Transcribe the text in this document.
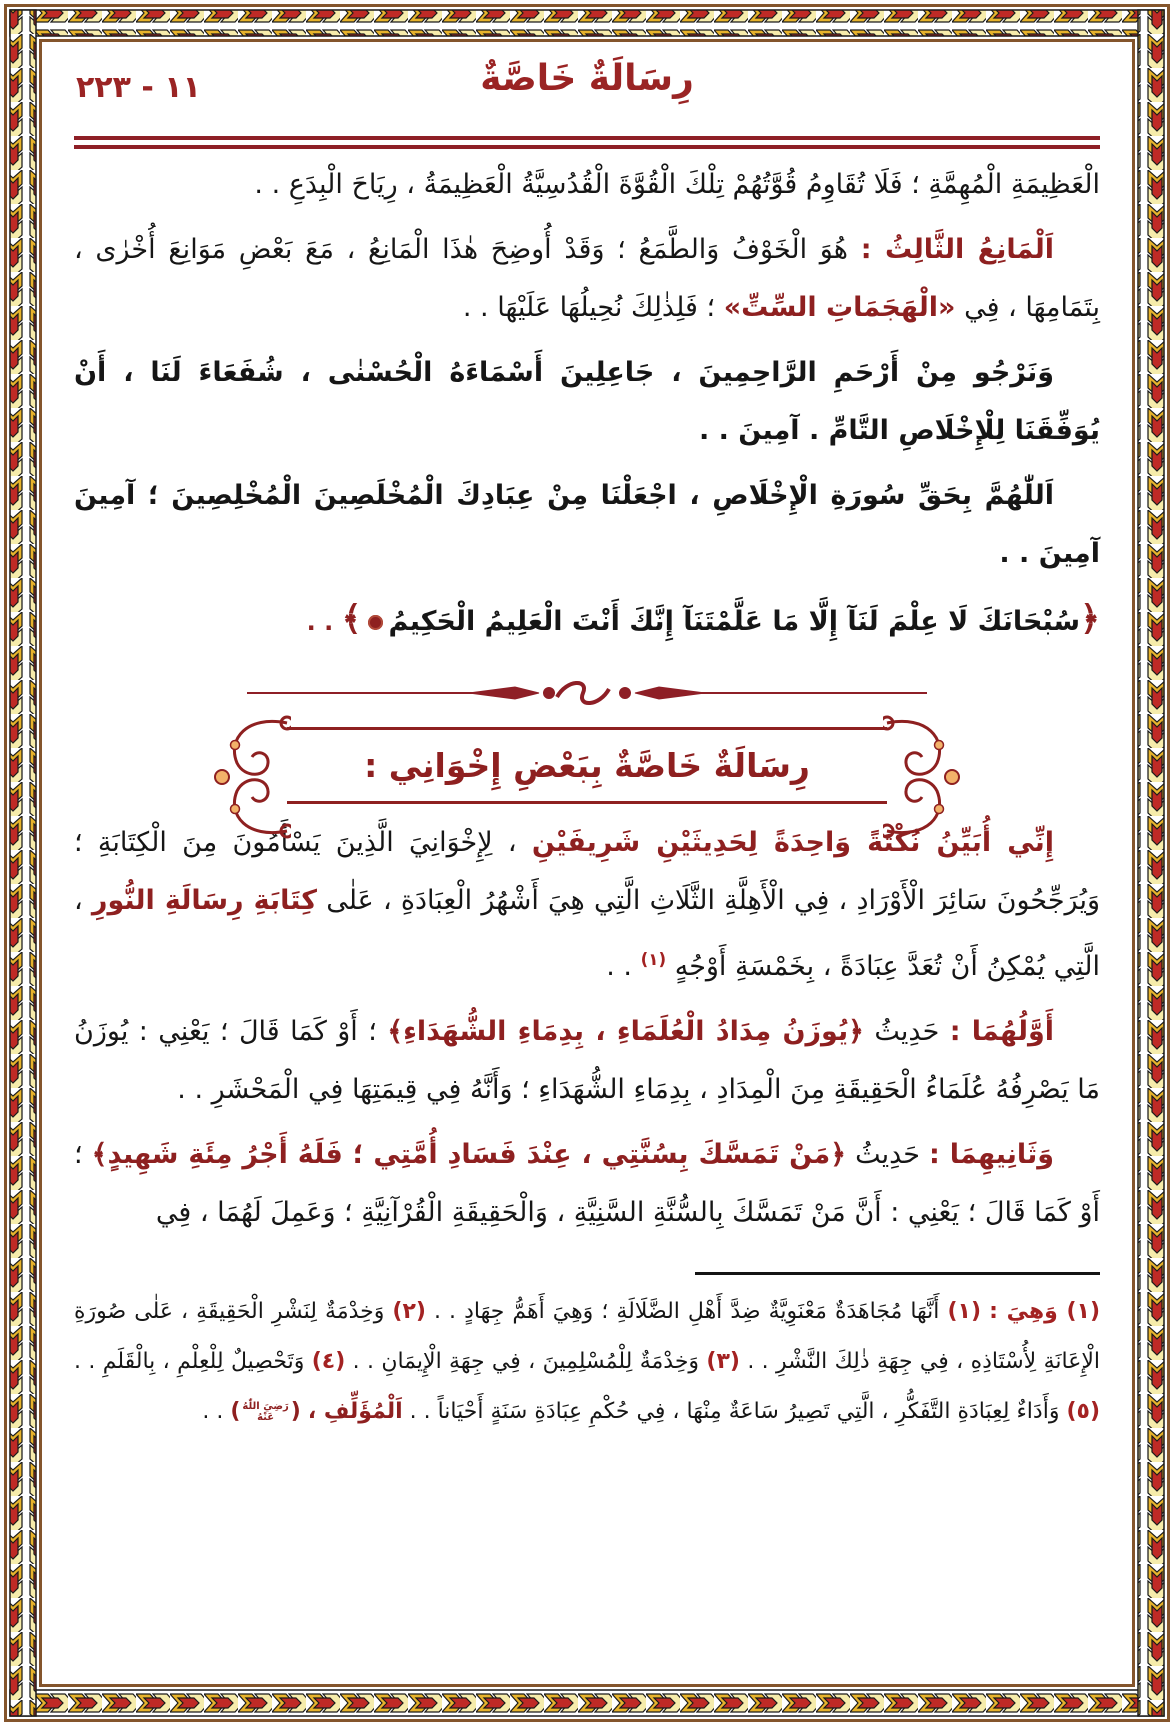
١١ - ٢٢٣	رِسَالَةٌ خَاصَّةٌ

الْعَظِيمَةِ الْمُهِمَّةِ ؛ فَلَا تُقَاوِمُ قُوَّتُهُمْ تِلْكَ الْقُوَّةَ الْقُدُسِيَّةُ الْعَظِيمَةُ ، رِيَاحَ الْبِدَعِ . .

اَلْمَانِعُ الثَّالِثُ : هُوَ الْخَوْفُ وَالطَّمَعُ ؛ وَقَدْ أُوضِحَ هٰذَا الْمَانِعُ ، مَعَ بَعْضِ مَوَانِعَ أُخْرٰى ، بِتَمَامِهَا ، فِي «الْهَجَمَاتِ السِّتِّ» ؛ فَلِذٰلِكَ نُحِيلُهَا عَلَيْهَا . .

وَنَرْجُو مِنْ أَرْحَمِ الرَّاحِمِينَ ، جَاعِلِينَ أَسْمَاءَهُ الْحُسْنٰى ، شُفَعَاءَ لَنَا ، أَنْ يُوَفِّقَنَا لِلْإِخْلَاصِ التَّامِّ . آمِينَ . .

اَللّٰهُمَّ بِحَقِّ سُورَةِ الْإِخْلَاصِ ، اجْعَلْنَا مِنْ عِبَادِكَ الْمُخْلَصِينَ الْمُخْلِصِينَ ؛ آمِينَ آمِينَ . .

﴿سُبْحَانَكَ لَا عِلْمَ لَنَآ إِلَّا مَا عَلَّمْتَنَآ إِنَّكَ أَنْتَ الْعَلِيمُ الْحَكِيمُ﴾ . .

رِسَالَةٌ خَاصَّةٌ بِبَعْضِ إِخْوَانِي :

إِنِّي أُبَيِّنُ نُكْتَةً وَاحِدَةً لِحَدِيثَيْنِ شَرِيفَيْنِ ، لِإِخْوَانِيَ الَّذِينَ يَسْأَمُونَ مِنَ الْكِتَابَةِ ؛ وَيُرَجِّحُونَ سَائِرَ الْأَوْرَادِ ، فِي الْأَهِلَّةِ الثَّلَاثِ الَّتِي هِيَ أَشْهُرُ الْعِبَادَةِ ، عَلٰى كِتَابَةِ رِسَالَةِ النُّورِ ، الَّتِي يُمْكِنُ أَنْ تُعَدَّ عِبَادَةً ، بِخَمْسَةِ أَوْجُهٍ $^{(١)}$ . .

أَوَّلُهُمَا : حَدِيثُ ﴿يُوزَنُ مِدَادُ الْعُلَمَاءِ ، بِدِمَاءِ الشُّهَدَاءِ﴾ ؛ أَوْ كَمَا قَالَ ؛ يَعْنِي : يُوزَنُ مَا يَصْرِفُهُ عُلَمَاءُ الْحَقِيقَةِ مِنَ الْمِدَادِ ، بِدِمَاءِ الشُّهَدَاءِ ؛ وَأَنَّهُ فِي قِيمَتِهَا فِي الْمَحْشَرِ . .

وَثَانِيهِمَا : حَدِيثُ ﴿مَنْ تَمَسَّكَ بِسُنَّتِي ، عِنْدَ فَسَادِ أُمَّتِي ؛ فَلَهُ أَجْرُ مِئَةِ شَهِيدٍ﴾ ؛ أَوْ كَمَا قَالَ ؛ يَعْنِي : أَنَّ مَنْ تَمَسَّكَ بِالسُّنَّةِ السَّنِيَّةِ ، وَالْحَقِيقَةِ الْقُرْآنِيَّةِ ؛ وَعَمِلَ لَهُمَا ، فِي

(١) وَهِيَ : (١) أَنَّهَا مُجَاهَدَةٌ مَعْنَوِيَّةٌ ضِدَّ أَهْلِ الضَّلَالَةِ ؛ وَهِيَ أَهَمُّ جِهَادٍ . . (٢) وَخِدْمَةٌ لِنَشْرِ الْحَقِيقَةِ ، عَلٰى صُورَةِ الْإِعَانَةِ لِأُسْتَاذِهِ ، فِي جِهَةِ ذٰلِكَ النَّشْرِ . . (٣) وَخِدْمَةٌ لِلْمُسْلِمِينَ ، فِي جِهَةِ الْإِيمَانِ . . (٤) وَتَحْصِيلٌ لِلْعِلْمِ ، بِالْقَلَمِ . . (٥) وَأَدَاءٌ لِعِبَادَةِ التَّفَكُّرِ ، الَّتِي تَصِيرُ سَاعَةٌ مِنْهَا ، فِي حُكْمِ عِبَادَةِ سَنَةٍ أَحْيَاناً . . اَلْمُؤَلِّفِ ، (رَضِيَ اللّٰهُ
عَنْهُ) . .
